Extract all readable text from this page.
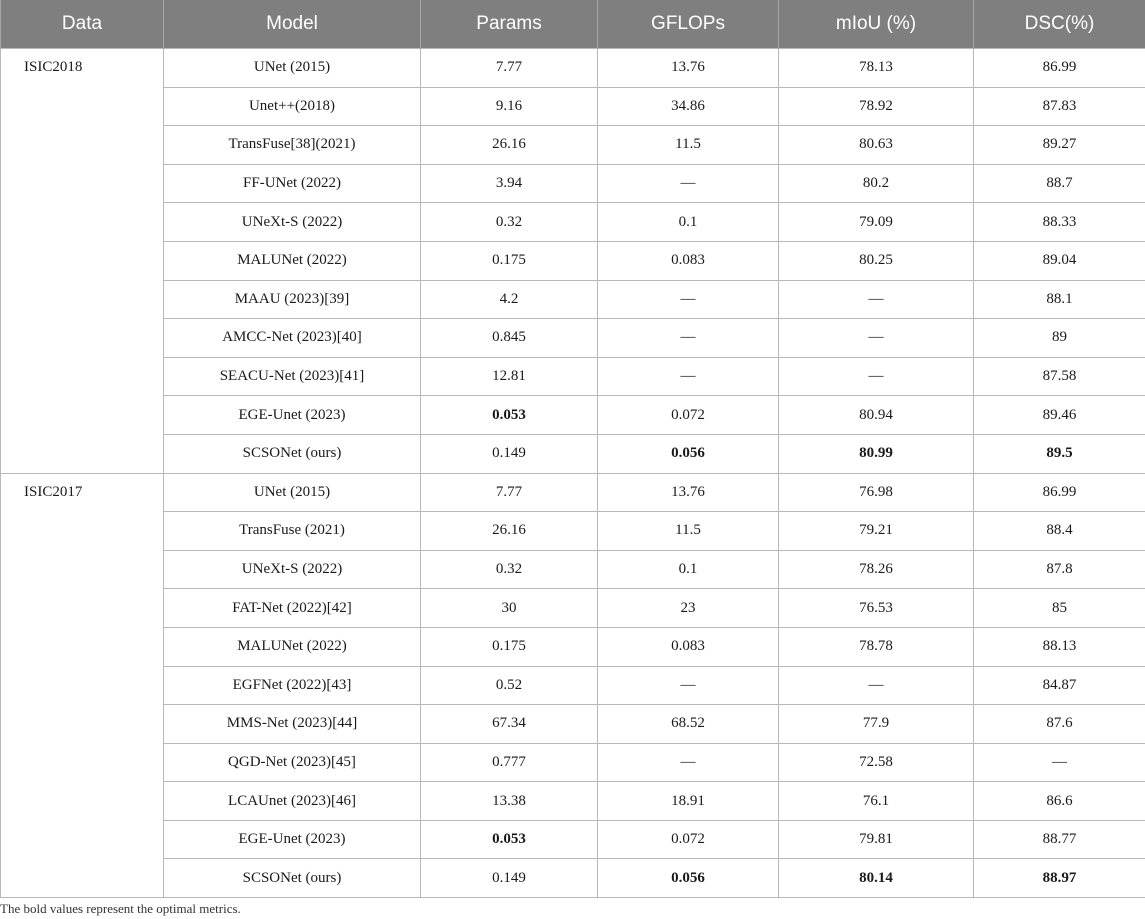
Data	Model	Params	GFLOPs	mIoU (%)	DSC(%)
ISIC2018	UNet (2015)	7.77	13.76	78.13	86.99
	Unet++(2018)	9.16	34.86	78.92	87.83
	TransFuse[38](2021)	26.16	11.5	80.63	89.27
	FF-UNet (2022)	3.94	—	80.2	88.7
	UNeXt-S (2022)	0.32	0.1	79.09	88.33
	MALUNet (2022)	0.175	0.083	80.25	89.04
	MAAU (2023)[39]	4.2	—	—	88.1
	AMCC-Net (2023)[40]	0.845	—	—	89
	SEACU-Net (2023)[41]	12.81	—	—	87.58
	EGE-Unet (2023)	0.053	0.072	80.94	89.46
	SCSONet (ours)	0.149	0.056	80.99	89.5
ISIC2017	UNet (2015)	7.77	13.76	76.98	86.99
	TransFuse (2021)	26.16	11.5	79.21	88.4
	UNeXt-S (2022)	0.32	0.1	78.26	87.8
	FAT-Net (2022)[42]	30	23	76.53	85
	MALUNet (2022)	0.175	0.083	78.78	88.13
	EGFNet (2022)[43]	0.52	—	—	84.87
	MMS-Net (2023)[44]	67.34	68.52	77.9	87.6
	QGD-Net (2023)[45]	0.777	—	72.58	—
	LCAUnet (2023)[46]	13.38	18.91	76.1	86.6
	EGE-Unet (2023)	0.053	0.072	79.81	88.77
	SCSONet (ours)	0.149	0.056	80.14	88.97
The bold values represent the optimal metrics.
